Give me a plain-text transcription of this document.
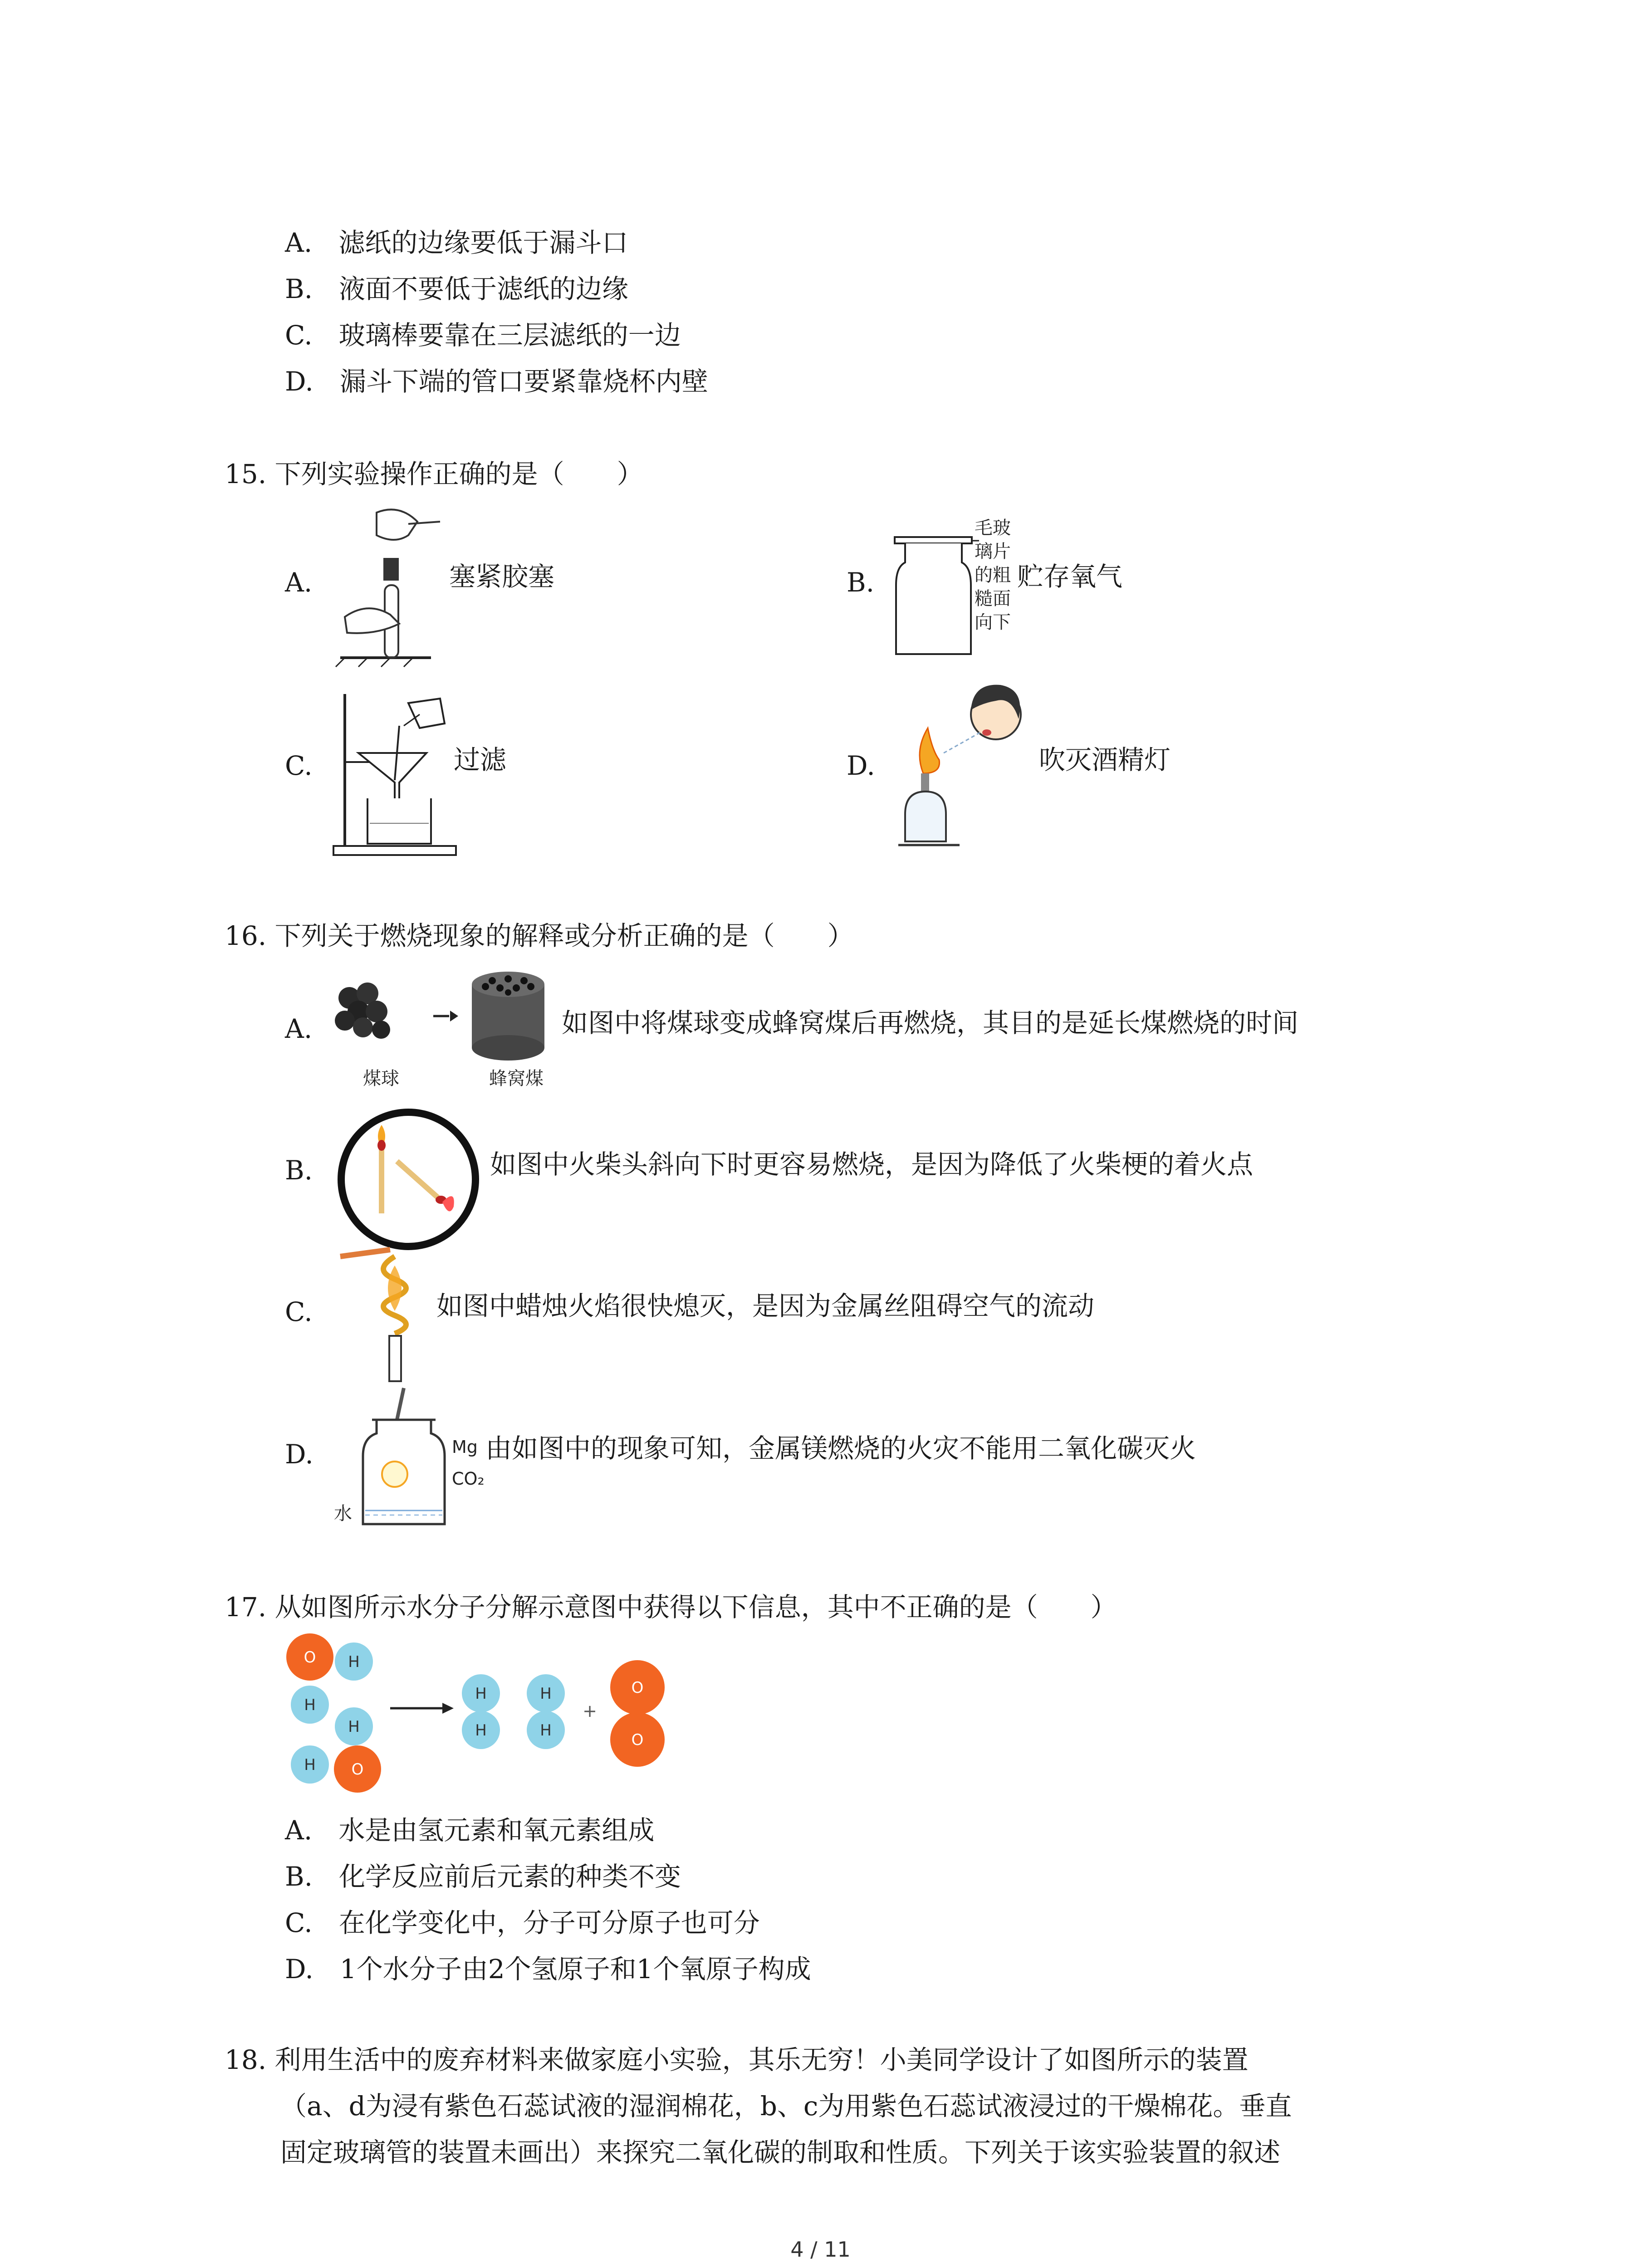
A.　滤纸的边缘要低于漏斗口
B.　液面不要低于滤纸的边缘
C.　玻璃棒要靠在三层滤纸的一边
D.　漏斗下端的管口要紧靠烧杯内壁
15. 下列实验操作正确的是（　　）
A.	塞紧胶塞	B.
毛玻
璃片
的粗
糙面
向下
贮存氧气
C.	过滤	D.	吹灭酒精灯
16. 下列关于燃烧现象的解释或分析正确的是（　　）
A.
煤球	蜂窝煤
如图中将煤球变成蜂窝煤后再燃烧，其目的是延长煤燃烧的时间
B.	如图中火柴头斜向下时更容易燃烧，是因为降低了火柴梗的着火点
C.	如图中蜡烛火焰很快熄灭，是因为金属丝阻碍空气的流动
D.	Mg
CO₂
水
由如图中的现象可知，金属镁燃烧的火灾不能用二氧化碳灭火
17. 从如图所示水分子分解示意图中获得以下信息，其中不正确的是（　　）
O H
H
H
H O
H
H
H
H
+
O
O
A.　水是由氢元素和氧元素组成
B.　化学反应前后元素的种类不变
C.　在化学变化中，分子可分原子也可分
D.　1个水分子由2个氢原子和1个氧原子构成
18. 利用生活中的废弃材料来做家庭小实验，其乐无穷！小美同学设计了如图所示的装置
（a、d为浸有紫色石蕊试液的湿润棉花，b、c为用紫色石蕊试液浸过的干燥棉花。垂直
固定玻璃管的装置未画出）来探究二氧化碳的制取和性质。下列关于该实验装置的叙述
4 / 11
